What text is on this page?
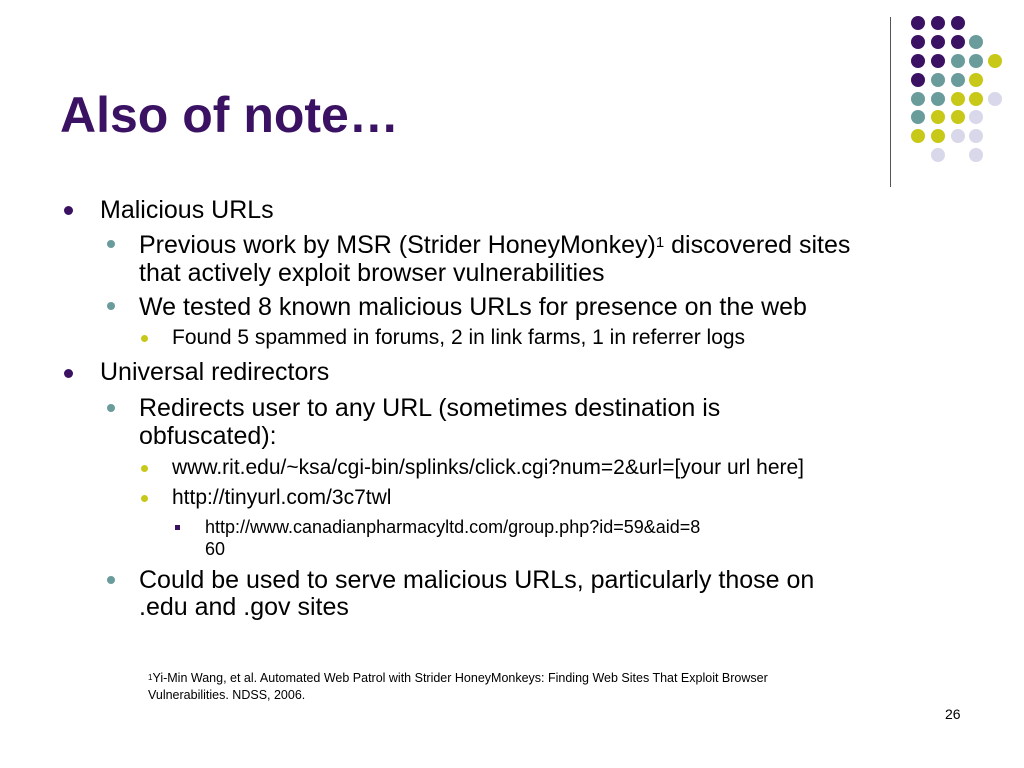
Also of note…
Malicious URLs
Previous work by MSR (Strider HoneyMonkey)$^1$ discovered sites
that actively exploit browser vulnerabilities
We tested 8 known malicious URLs for presence on the web
Found 5 spammed in forums, 2 in link farms, 1 in referrer logs
Universal redirectors
Redirects user to any URL (sometimes destination is
obfuscated):
www.rit.edu/~ksa/cgi-bin/splinks/click.cgi?num=2&url=[your url here]
http://tinyurl.com/3c7twl
http://www.canadianpharmacyltd.com/group.php?id=59&aid=8
60
Could be used to serve malicious URLs, particularly those on
.edu and .gov sites
$^1$Yi-Min Wang, et al. Automated Web Patrol with Strider HoneyMonkeys: Finding Web Sites That Exploit Browser
Vulnerabilities. NDSS, 2006.
26
